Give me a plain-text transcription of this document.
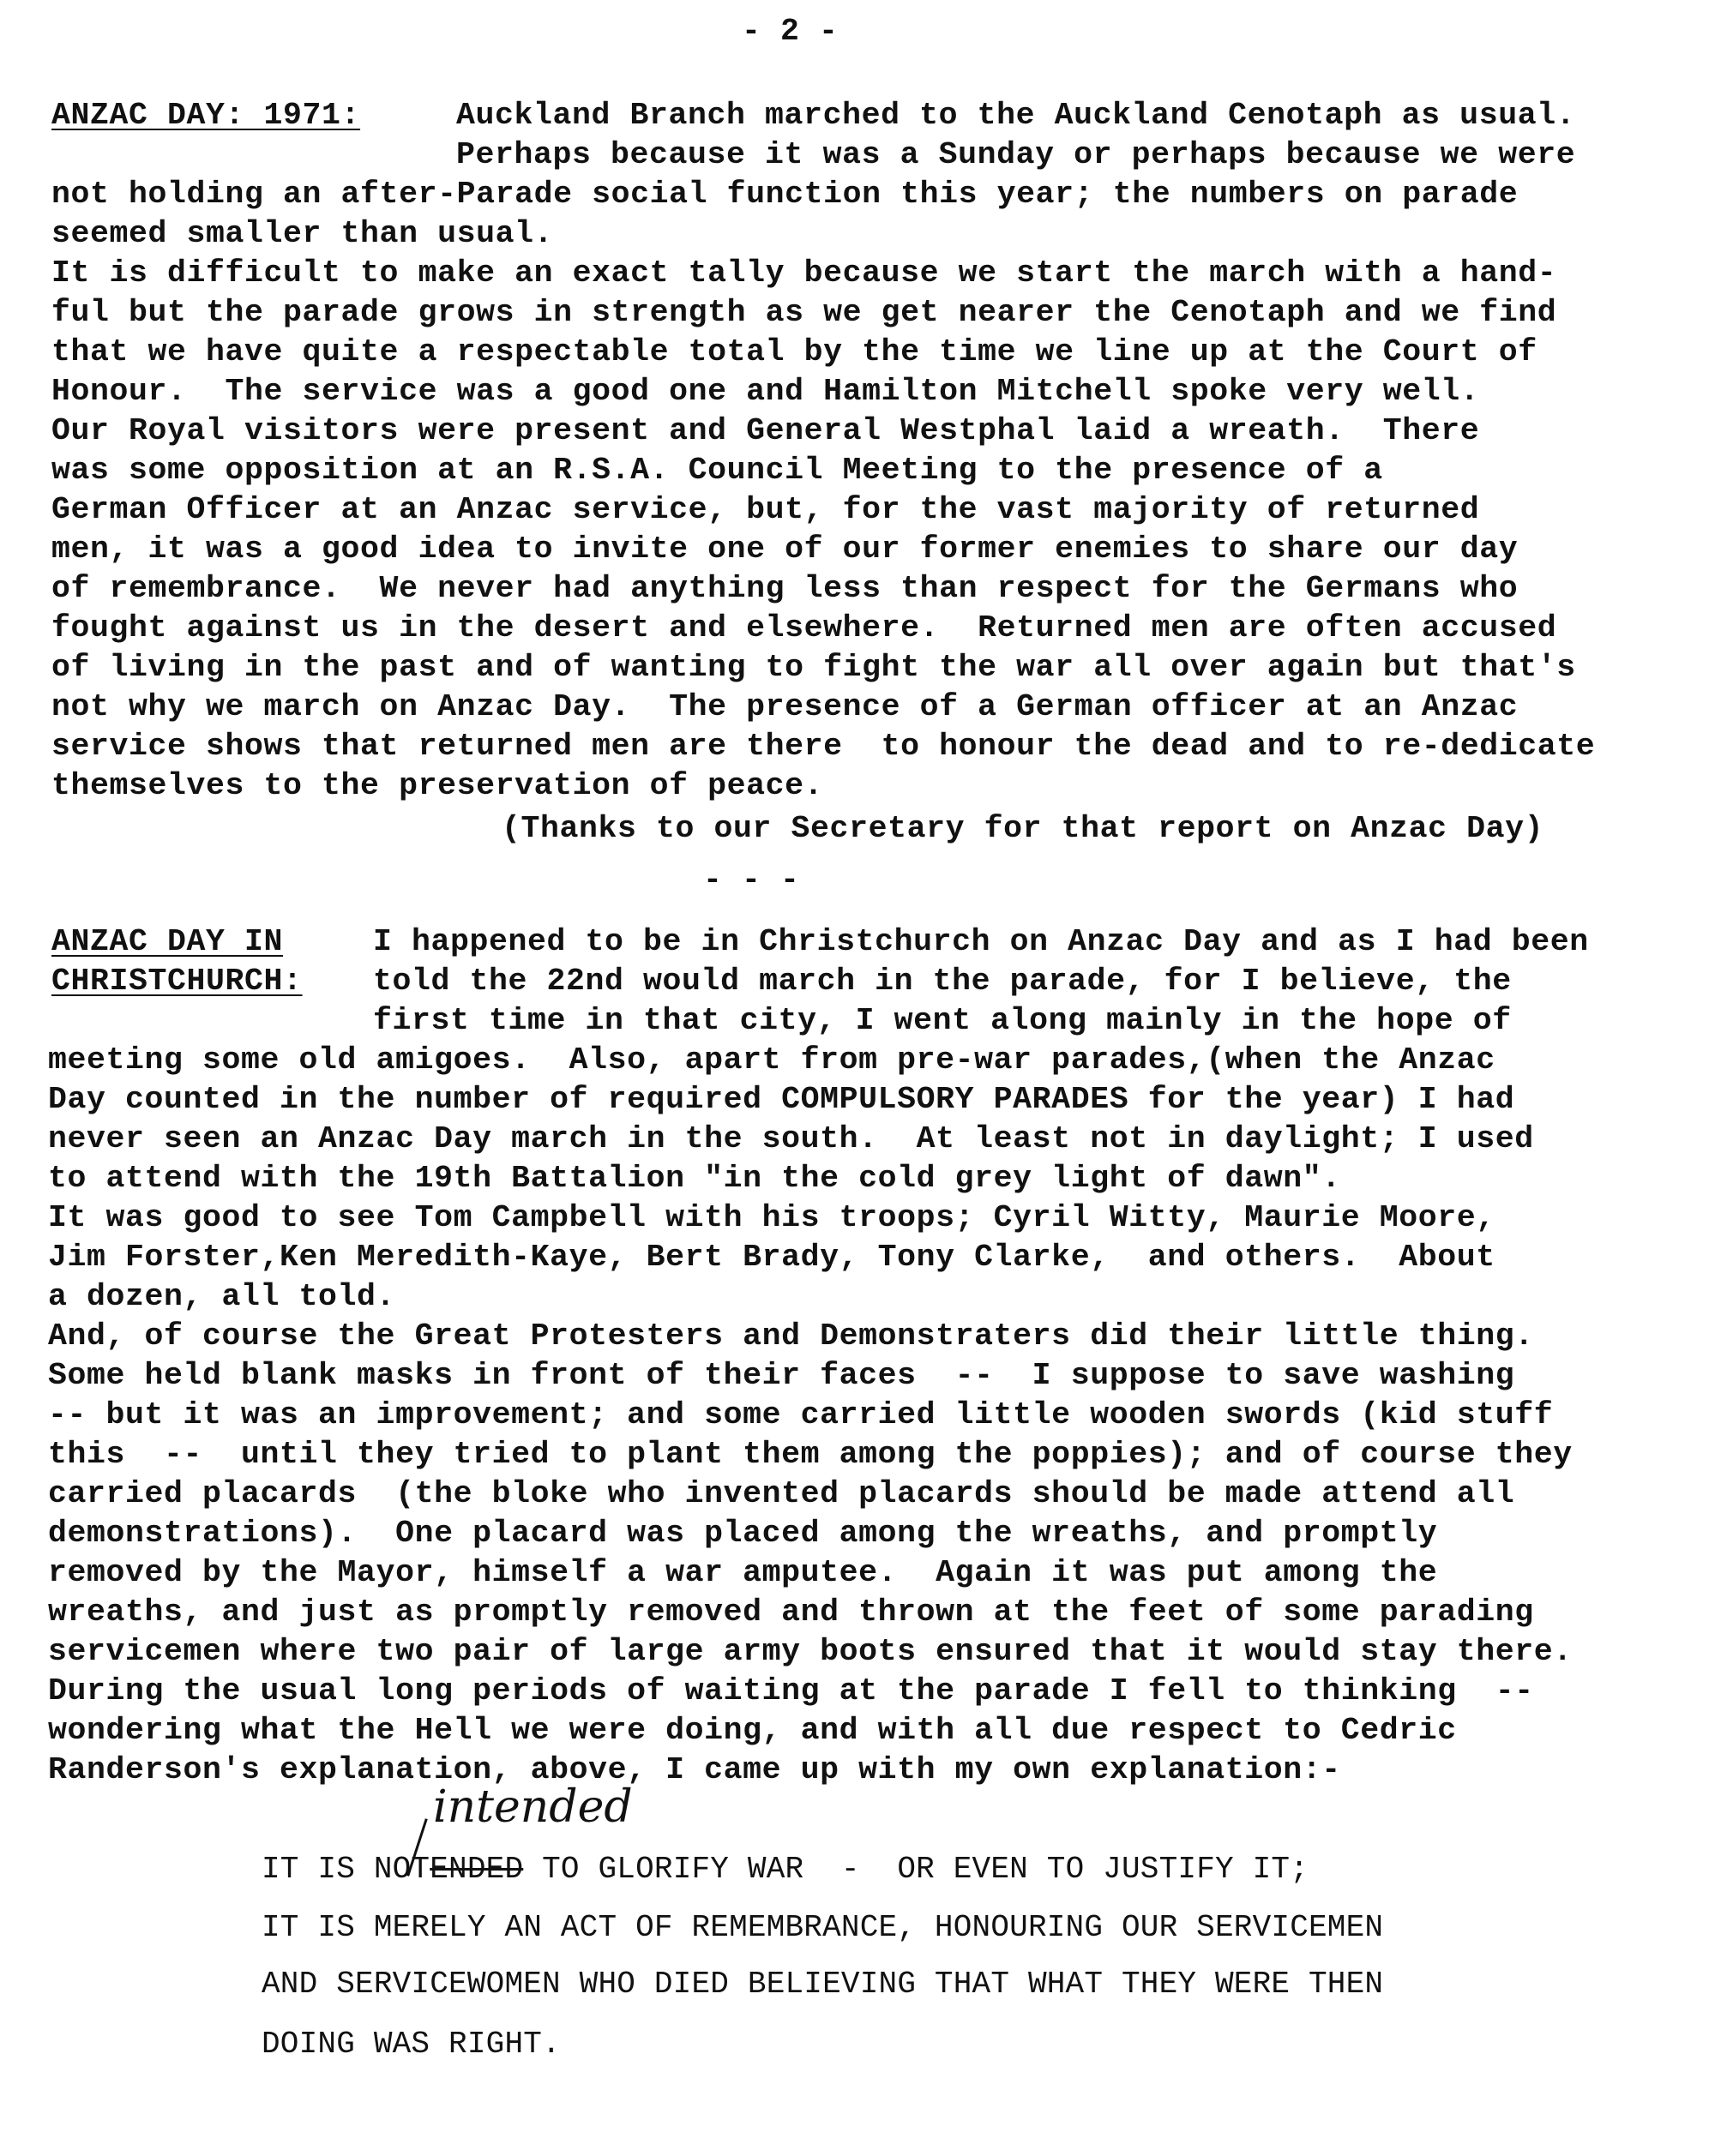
- 2 -
ANZAC DAY: 1971:	Auckland Branch marched to the Auckland Cenotaph as usual.
Perhaps because it was a Sunday or perhaps because we were
not holding an after-Parade social function this year; the numbers on parade
seemed smaller than usual.
It is difficult to make an exact tally because we start the march with a hand-
ful but the parade grows in strength as we get nearer the Cenotaph and we find
that we have quite a respectable total by the time we line up at the Court of
Honour.  The service was a good one and Hamilton Mitchell spoke very well.
Our Royal visitors were present and General Westphal laid a wreath.  There
was some opposition at an R.S.A. Council Meeting to the presence of a
German Officer at an Anzac service, but, for the vast majority of returned
men, it was a good idea to invite one of our former enemies to share our day
of remembrance.  We never had anything less than respect for the Germans who
fought against us in the desert and elsewhere.  Returned men are often accused
of living in the past and of wanting to fight the war all over again but that's
not why we march on Anzac Day.  The presence of a German officer at an Anzac
service shows that returned men are there  to honour the dead and to re-dedicate
themselves to the preservation of peace.
(Thanks to our Secretary for that report on Anzac Day)
- - -
ANZAC DAY IN
CHRISTCHURCH:
I happened to be in Christchurch on Anzac Day and as I had been
told the 22nd would march in the parade, for I believe, the
first time in that city, I went along mainly in the hope of
meeting some old amigoes.  Also, apart from pre-war parades,(when the Anzac
Day counted in the number of required COMPULSORY PARADES for the year) I had
never seen an Anzac Day march in the south.  At least not in daylight; I used
to attend with the 19th Battalion "in the cold grey light of dawn".
It was good to see Tom Campbell with his troops; Cyril Witty, Maurie Moore,
Jim Forster,Ken Meredith-Kaye, Bert Brady, Tony Clarke,  and others.  About
a dozen, all told.
And, of course the Great Protesters and Demonstraters did their little thing.
Some held blank masks in front of their faces  --  I suppose to save washing
-- but it was an improvement; and some carried little wooden swords (kid stuff
this  --  until they tried to plant them among the poppies); and of course they
carried placards  (the bloke who invented placards should be made attend all
demonstrations).  One placard was placed among the wreaths, and promptly
removed by the Mayor, himself a war amputee.  Again it was put among the
wreaths, and just as promptly removed and thrown at the feet of some parading
servicemen where two pair of large army boots ensured that it would stay there.
During the usual long periods of waiting at the parade I fell to thinking  --
wondering what the Hell we were doing, and with all due respect to Cedric
Randerson's explanation, above, I came up with my own explanation:-
intended
IT IS NOTENDED TO GLORIFY WAR  -  OR EVEN TO JUSTIFY IT;
IT IS MERELY AN ACT OF REMEMBRANCE, HONOURING OUR SERVICEMEN
AND SERVICEWOMEN WHO DIED BELIEVING THAT WHAT THEY WERE THEN
DOING WAS RIGHT.
